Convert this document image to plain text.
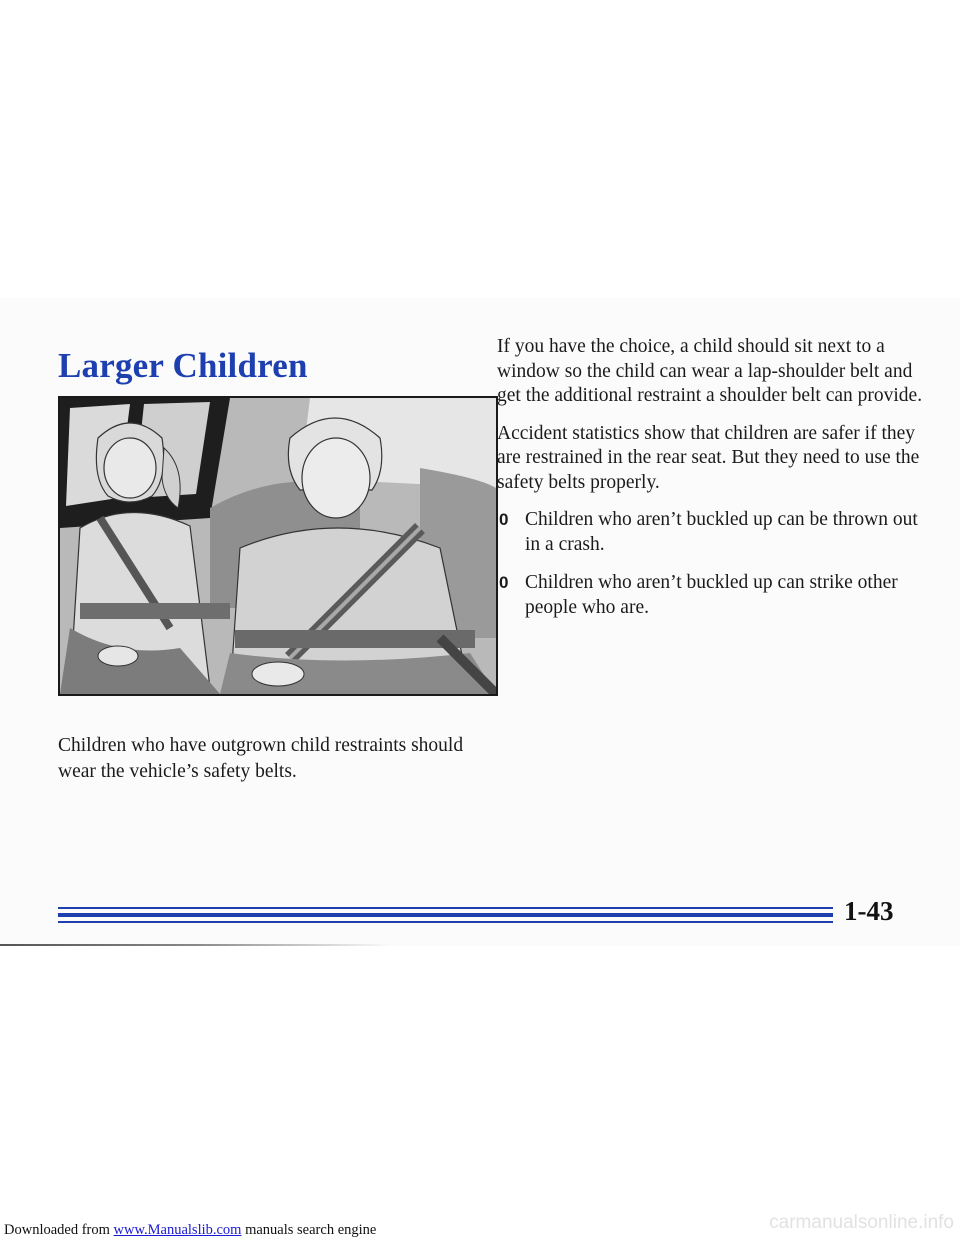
Larger Children

Children who have outgrown child restraints should wear the vehicle’s safety belts.

If you have the choice, a child should sit next to a window so the child can wear a lap-shoulder belt and get the additional restraint a shoulder belt can provide.

Accident statistics show that children are safer if they are restrained in the rear seat. But they need to use the safety belts properly.

0 Children who aren’t buckled up can be thrown out in a crash.
0 Children who aren’t buckled up can strike other people who are.

1-43

Downloaded from www.Manualslib.com manuals search engine	carmanualsonline.info
